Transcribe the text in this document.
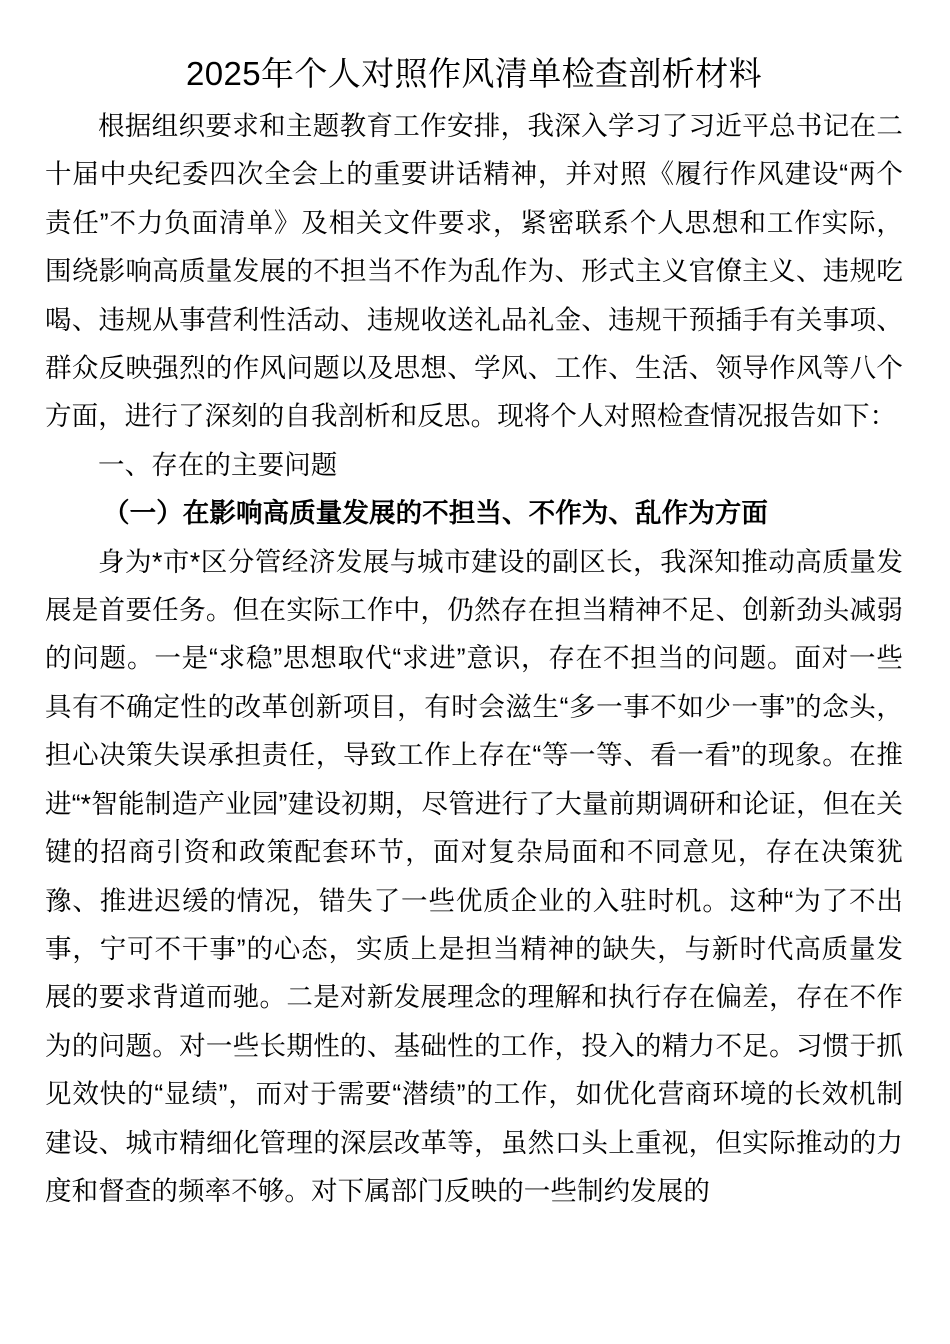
2025年个人对照作风清单检查剖析材料

根据组织要求和主题教育工作安排，我深入学习了习近平总书记在二十届中央纪委四次全会上的重要讲话精神，并对照《履行作风建设“两个责任”不力负面清单》及相关文件要求，紧密联系个人思想和工作实际，围绕影响高质量发展的不担当不作为乱作为、形式主义官僚主义、违规吃喝、违规从事营利性活动、违规收送礼品礼金、违规干预插手有关事项、群众反映强烈的作风问题以及思想、学风、工作、生活、领导作风等八个方面，进行了深刻的自我剖析和反思。现将个人对照检查情况报告如下：

一、存在的主要问题

（一）在影响高质量发展的不担当、不作为、乱作为方面

身为*市*区分管经济发展与城市建设的副区长，我深知推动高质量发展是首要任务。但在实际工作中，仍然存在担当精神不足、创新劲头减弱的问题。一是“求稳”思想取代“求进”意识，存在不担当的问题。面对一些具有不确定性的改革创新项目，有时会滋生“多一事不如少一事”的念头，担心决策失误承担责任，导致工作上存在“等一等、看一看”的现象。在推进“*智能制造产业园”建设初期，尽管进行了大量前期调研和论证，但在关键的招商引资和政策配套环节，面对复杂局面和不同意见，存在决策犹豫、推进迟缓的情况，错失了一些优质企业的入驻时机。这种“为了不出事，宁可不干事”的心态，实质上是担当精神的缺失，与新时代高质量发展的要求背道而驰。二是对新发展理念的理解和执行存在偏差，存在不作为的问题。对一些长期性的、基础性的工作，投入的精力不足。习惯于抓见效快的“显绩”，而对于需要“潜绩”的工作，如优化营商环境的长效机制建设、城市精细化管理的深层改革等，虽然口头上重视，但实际推动的力度和督查的频率不够。对下属部门反映的一些制约发展的
